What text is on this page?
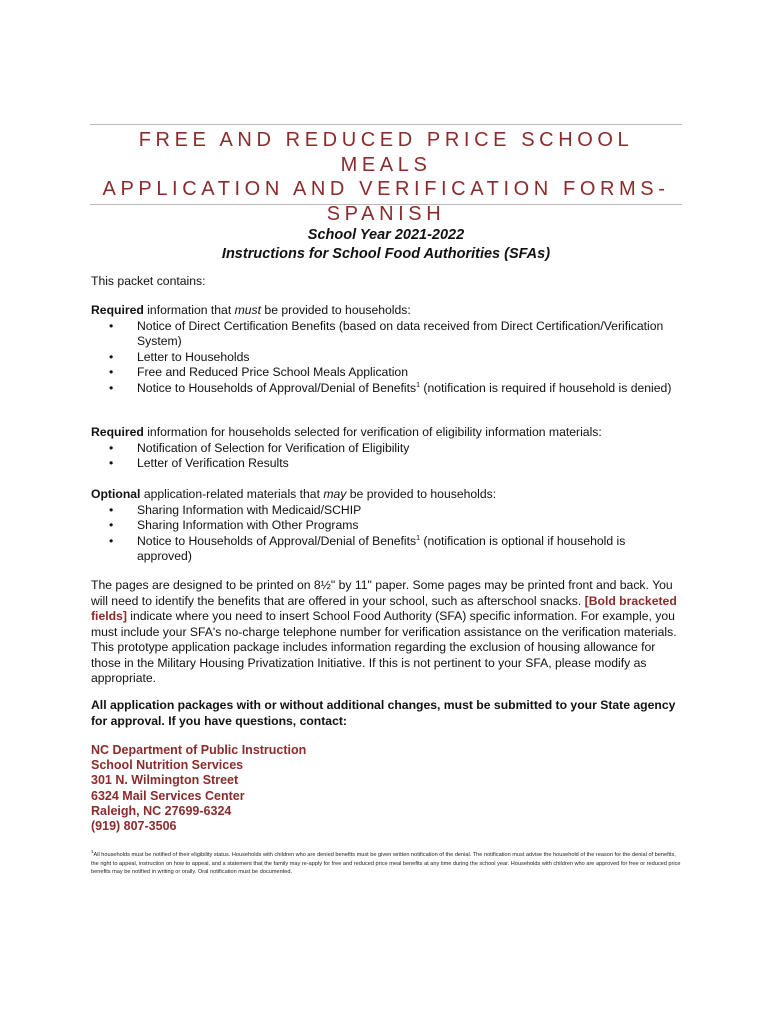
FREE AND REDUCED PRICE SCHOOL MEALS
APPLICATION AND VERIFICATION FORMS-
SPANISH
School Year 2021-2022
Instructions for School Food Authorities (SFAs)
This packet contains:

Required information that must be provided to households:

• Notice of Direct Certification Benefits (based on data received from Direct Certification/Verification System)
• Letter to Households
• Free and Reduced Price School Meals Application
• Notice to Households of Approval/Denial of Benefits$^1$ (notification is required if household is denied)

Required information for households selected for verification of eligibility information materials:

• Notification of Selection for Verification of Eligibility
• Letter of Verification Results

Optional application-related materials that may be provided to households:

• Sharing Information with Medicaid/SCHIP
• Sharing Information with Other Programs
• Notice to Households of Approval/Denial of Benefits$^1$ (notification is optional if household is approved)
The pages are designed to be printed on 8½" by 11" paper. Some pages may be printed front and back. You will need to identify the benefits that are offered in your school, such as afterschool snacks. [Bold bracketed fields] indicate where you need to insert School Food Authority (SFA) specific information. For example, you must include your SFA's no-charge telephone number for verification assistance on the verification materials. This prototype application package includes information regarding the exclusion of housing allowance for those in the Military Housing Privatization Initiative. If this is not pertinent to your SFA, please modify as appropriate.
All application packages with or without additional changes, must be submitted to your State agency for approval. If you have questions, contact:
NC Department of Public Instruction
School Nutrition Services
301 N. Wilmington Street
6324 Mail Services Center
Raleigh, NC 27699-6324
(919) 807-3506
$^1$All households must be notified of their eligibility status. Households with children who are denied benefits must be given written notification of the denial. The notification must advise the household of the reason for the denial of benefits, the right to appeal, instruction on how to appeal, and a statement that the family may re-apply for free and reduced price meal benefits at any time during the school year. Households with children who are approved for free or reduced price benefits may be notified in writing or orally. Oral notification must be documented.
